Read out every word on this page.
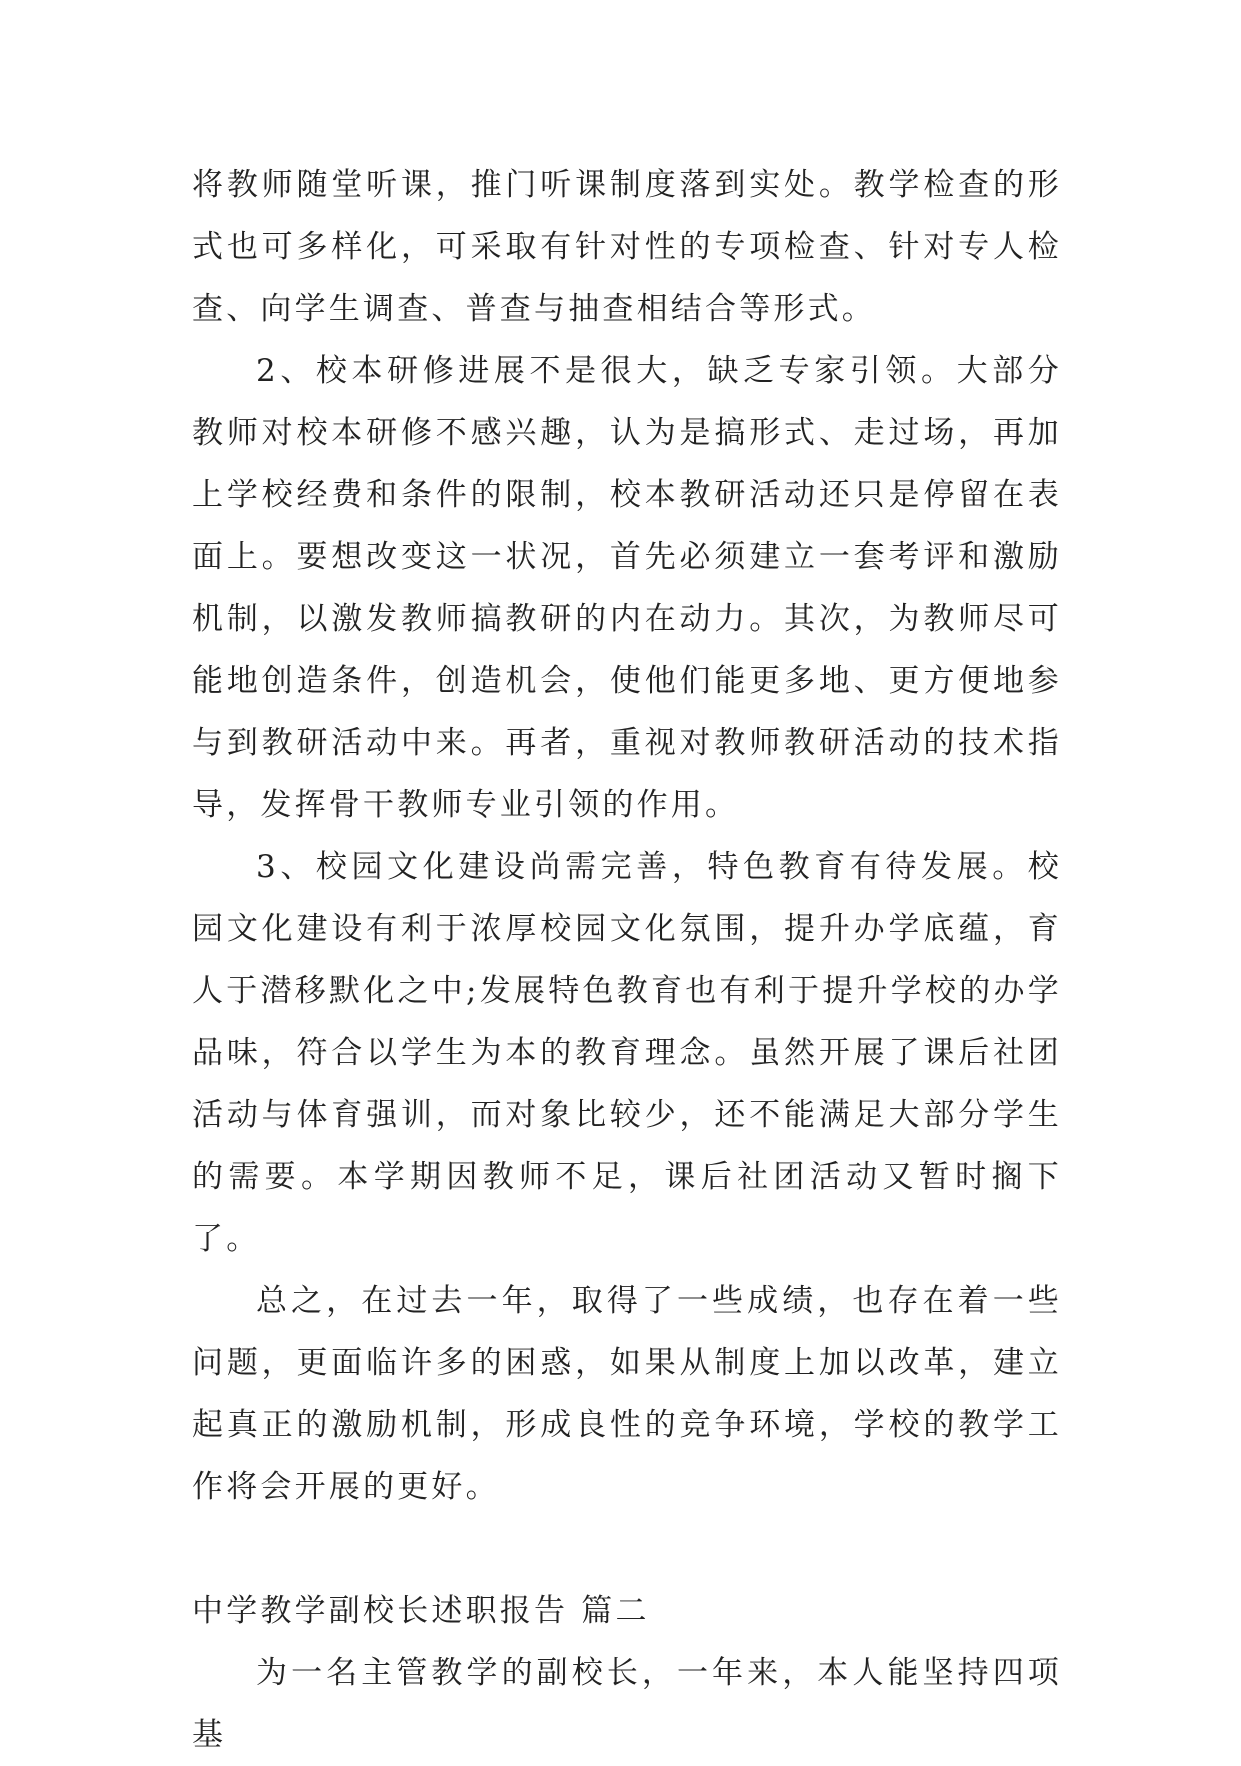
将教师随堂听课，推门听课制度落到实处。教学检查的形式也可多样化，可采取有针对性的专项检查、针对专人检查、向学生调查、普查与抽查相结合等形式。

2、校本研修进展不是很大，缺乏专家引领。大部分教师对校本研修不感兴趣，认为是搞形式、走过场，再加上学校经费和条件的限制，校本教研活动还只是停留在表面上。要想改变这一状况，首先必须建立一套考评和激励机制，以激发教师搞教研的内在动力。其次，为教师尽可能地创造条件，创造机会，使他们能更多地、更方便地参与到教研活动中来。再者，重视对教师教研活动的技术指导，发挥骨干教师专业引领的作用。

3、校园文化建设尚需完善，特色教育有待发展。校园文化建设有利于浓厚校园文化氛围，提升办学底蕴，育人于潜移默化之中;发展特色教育也有利于提升学校的办学品味，符合以学生为本的教育理念。虽然开展了课后社团活动与体育强训，而对象比较少，还不能满足大部分学生的需要。本学期因教师不足，课后社团活动又暂时搁下了。

总之，在过去一年，取得了一些成绩，也存在着一些问题，更面临许多的困惑，如果从制度上加以改革，建立起真正的激励机制，形成良性的竞争环境，学校的教学工作将会开展的更好。

中学教学副校长述职报告 篇二

为一名主管教学的副校长，一年来，本人能坚持四项基
